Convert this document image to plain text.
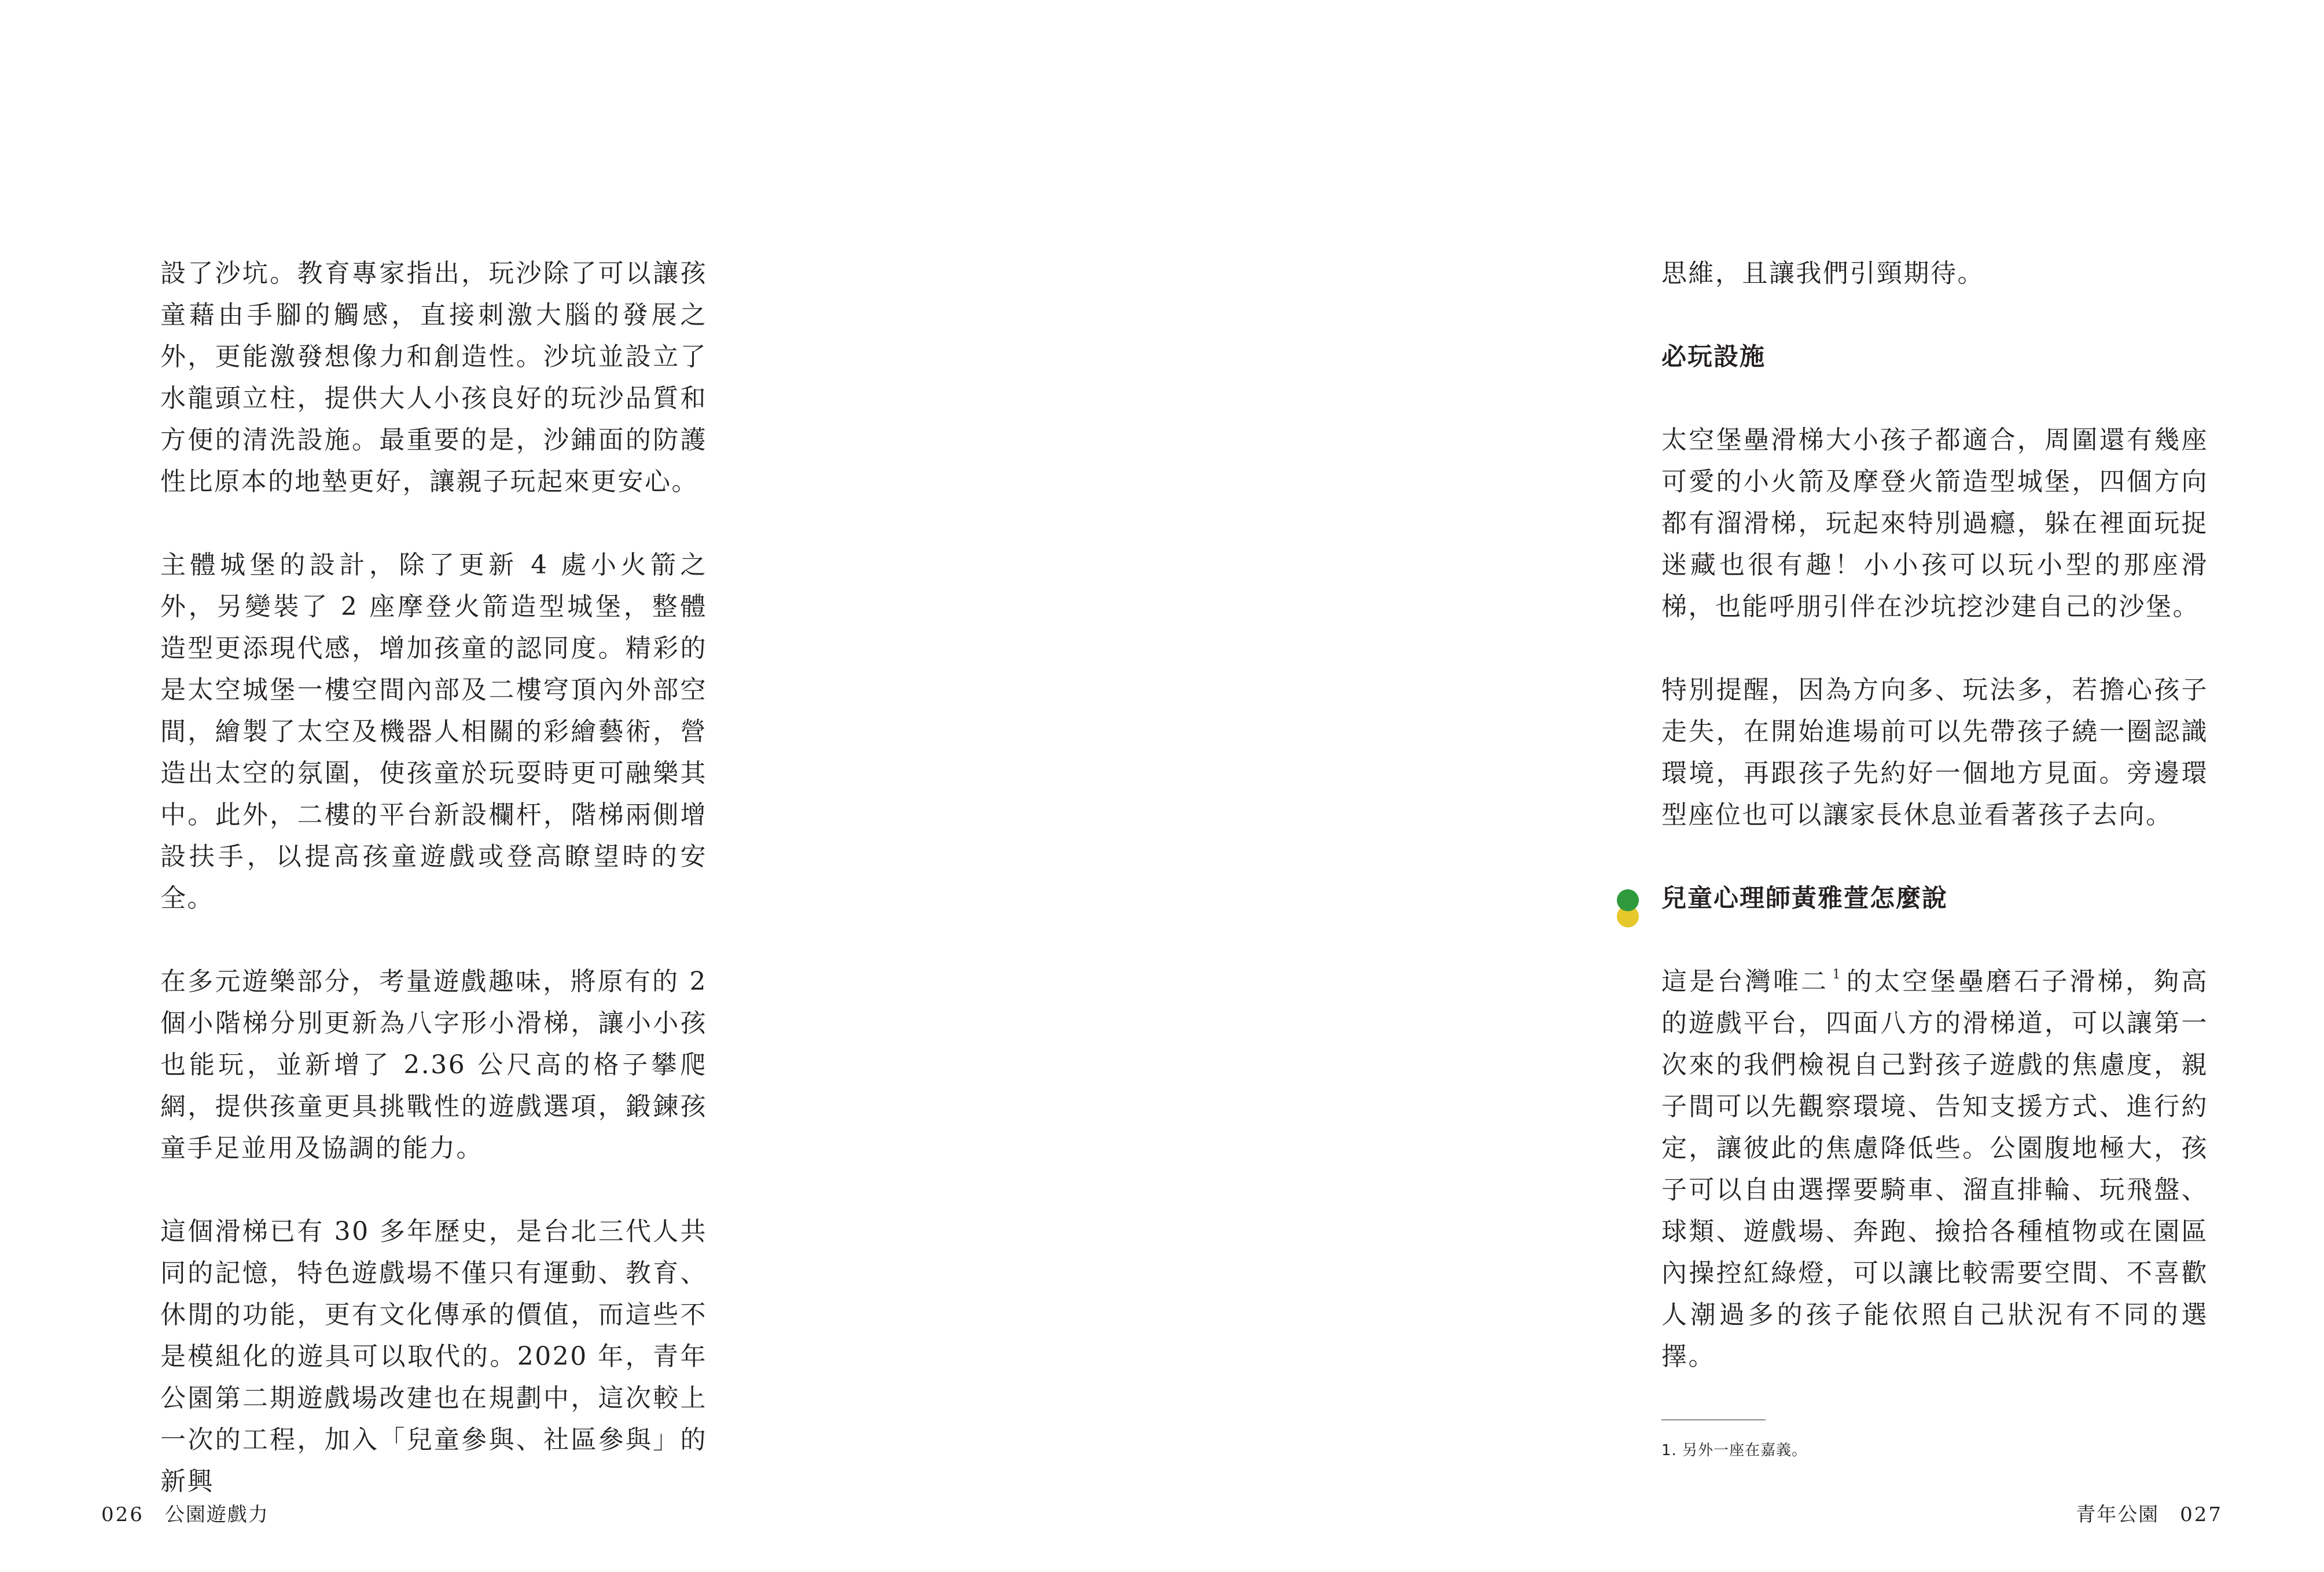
設了沙坑。教育專家指出，玩沙除了可以讓孩童藉由手腳的觸感，直接刺激大腦的發展之外，更能激發想像力和創造性。沙坑並設立了水龍頭立柱，提供大人小孩良好的玩沙品質和方便的清洗設施。最重要的是，沙鋪面的防護性比原本的地墊更好，讓親子玩起來更安心。

主體城堡的設計，除了更新 4 處小火箭之外，另變裝了 2 座摩登火箭造型城堡，整體造型更添現代感，增加孩童的認同度。精彩的是太空城堡一樓空間內部及二樓穹頂內外部空間，繪製了太空及機器人相關的彩繪藝術，營造出太空的氛圍，使孩童於玩耍時更可融樂其中。此外，二樓的平台新設欄杆，階梯兩側增設扶手，以提高孩童遊戲或登高瞭望時的安全。

在多元遊樂部分，考量遊戲趣味，將原有的 2 個小階梯分別更新為八字形小滑梯，讓小小孩也能玩，並新增了 2.36 公尺高的格子攀爬網，提供孩童更具挑戰性的遊戲選項，鍛鍊孩童手足並用及協調的能力。

這個滑梯已有 30 多年歷史，是台北三代人共同的記憶，特色遊戲場不僅只有運動、教育、休閒的功能，更有文化傳承的價值，而這些不是模組化的遊具可以取代的。2020 年，青年公園第二期遊戲場改建也在規劃中，這次較上一次的工程，加入「兒童參與、社區參與」的新興

026 公園遊戲力

思維，且讓我們引頸期待。

必玩設施

太空堡壘滑梯大小孩子都適合，周圍還有幾座可愛的小火箭及摩登火箭造型城堡，四個方向都有溜滑梯，玩起來特別過癮，躲在裡面玩捉迷藏也很有趣！小小孩可以玩小型的那座滑梯，也能呼朋引伴在沙坑挖沙建自己的沙堡。

特別提醒，因為方向多、玩法多，若擔心孩子走失，在開始進場前可以先帶孩子繞一圈認識環境，再跟孩子先約好一個地方見面。旁邊環型座位也可以讓家長休息並看著孩子去向。

兒童心理師黃雅萱怎麼說

這是台灣唯二 $^1$ 的太空堡壘磨石子滑梯，夠高的遊戲平台，四面八方的滑梯道，可以讓第一次來的我們檢視自己對孩子遊戲的焦慮度，親子間可以先觀察環境、告知支援方式、進行約定，讓彼此的焦慮降低些。公園腹地極大，孩子可以自由選擇要騎車、溜直排輪、玩飛盤、球類、遊戲場、奔跑、撿拾各種植物或在園區內操控紅綠燈，可以讓比較需要空間、不喜歡人潮過多的孩子能依照自己狀況有不同的選擇。

1. 另外一座在嘉義。

青年公園 027
